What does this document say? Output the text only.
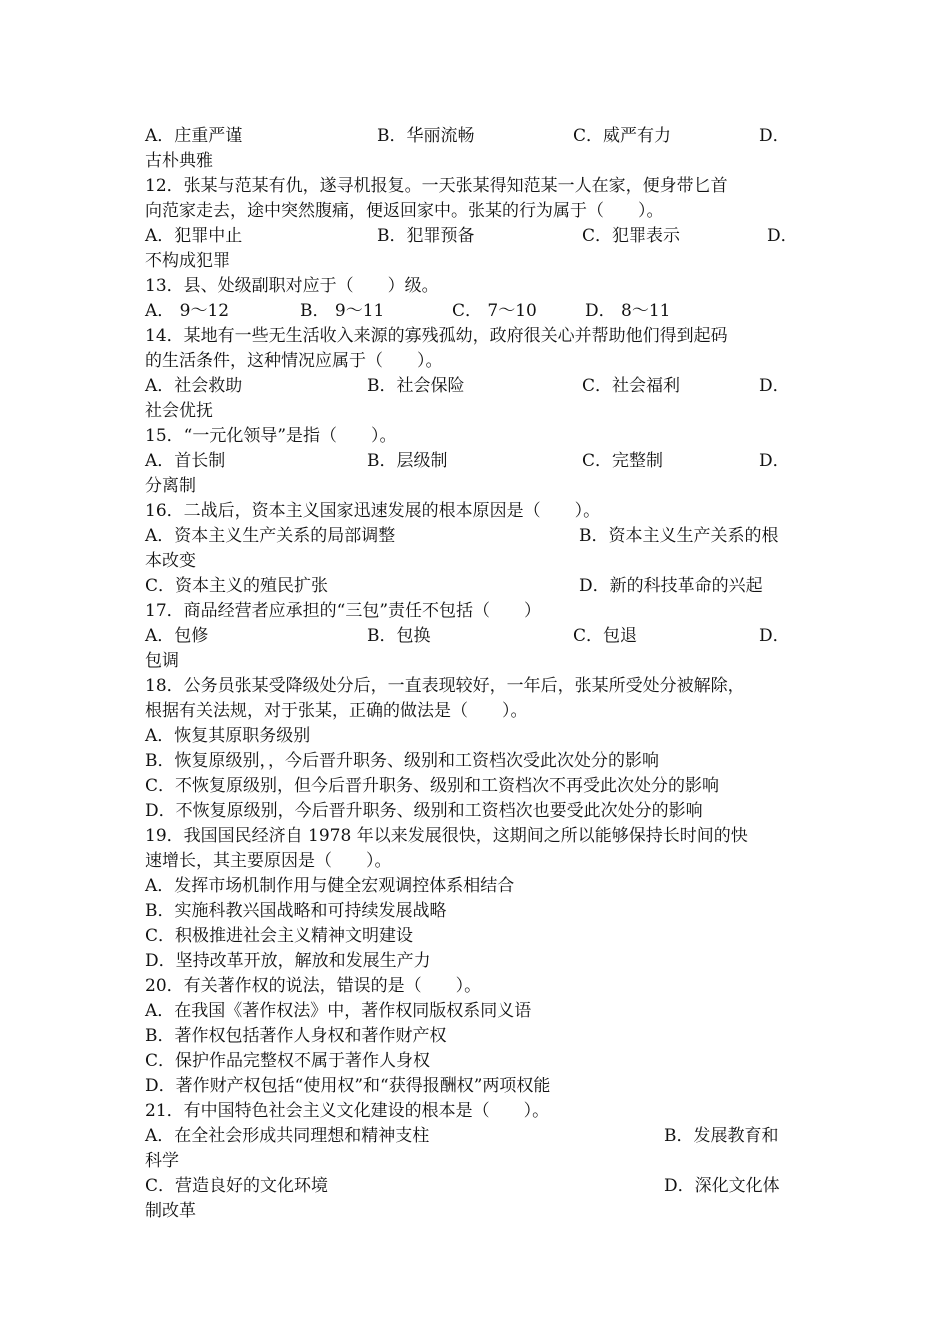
A．庄重严谨	B．华丽流畅	C．威严有力	D．
古朴典雅
12．张某与范某有仇，遂寻机报复。一天张某得知范某一人在家，便身带匕首
向范家走去，途中突然腹痛，便返回家中。张某的行为属于（　　）。
A．犯罪中止	B．犯罪预备	C．犯罪表示	D．
不构成犯罪
13．县、处级副职对应于（　　）级。
A． 9～12	B． 9～11	C． 7～10	D． 8～11
14．某地有一些无生活收入来源的寡残孤幼，政府很关心并帮助他们得到起码
的生活条件，这种情况应属于（　　）。
A．社会救助	B．社会保险	C．社会福利	D．
社会优抚
15．“一元化领导”是指（　　）。
A．首长制	B．层级制	C．完整制	D．
分离制
16．二战后，资本主义国家迅速发展的根本原因是（　　）。
A．资本主义生产关系的局部调整	B．资本主义生产关系的根
本改变
C．资本主义的殖民扩张	D．新的科技革命的兴起
17．商品经营者应承担的“三包”责任不包括（　　）
A．包修	B．包换	C．包退	D．
包调
18．公务员张某受降级处分后，一直表现较好，一年后，张某所受处分被解除，
根据有关法规，对于张某，正确的做法是（　　）。
A．恢复其原职务级别
B．恢复原级别，，今后晋升职务、级别和工资档次受此次处分的影响
C．不恢复原级别，但今后晋升职务、级别和工资档次不再受此次处分的影响
D．不恢复原级别，今后晋升职务、级别和工资档次也要受此次处分的影响
19．我国国民经济自 1978 年以来发展很快，这期间之所以能够保持长时间的快
速增长，其主要原因是（　　）。
A．发挥市场机制作用与健全宏观调控体系相结合
B．实施科教兴国战略和可持续发展战略
C．积极推进社会主义精神文明建设
D．坚持改革开放，解放和发展生产力
20．有关著作权的说法，错误的是（　　）。
A．在我国《著作权法》中，著作权同版权系同义语
B．著作权包括著作人身权和著作财产权
C．保护作品完整权不属于著作人身权
D．著作财产权包括“使用权”和“获得报酬权”两项权能
21．有中国特色社会主义文化建设的根本是（　　）。
A．在全社会形成共同理想和精神支柱	B．发展教育和
科学
C．营造良好的文化环境	D．深化文化体
制改革
